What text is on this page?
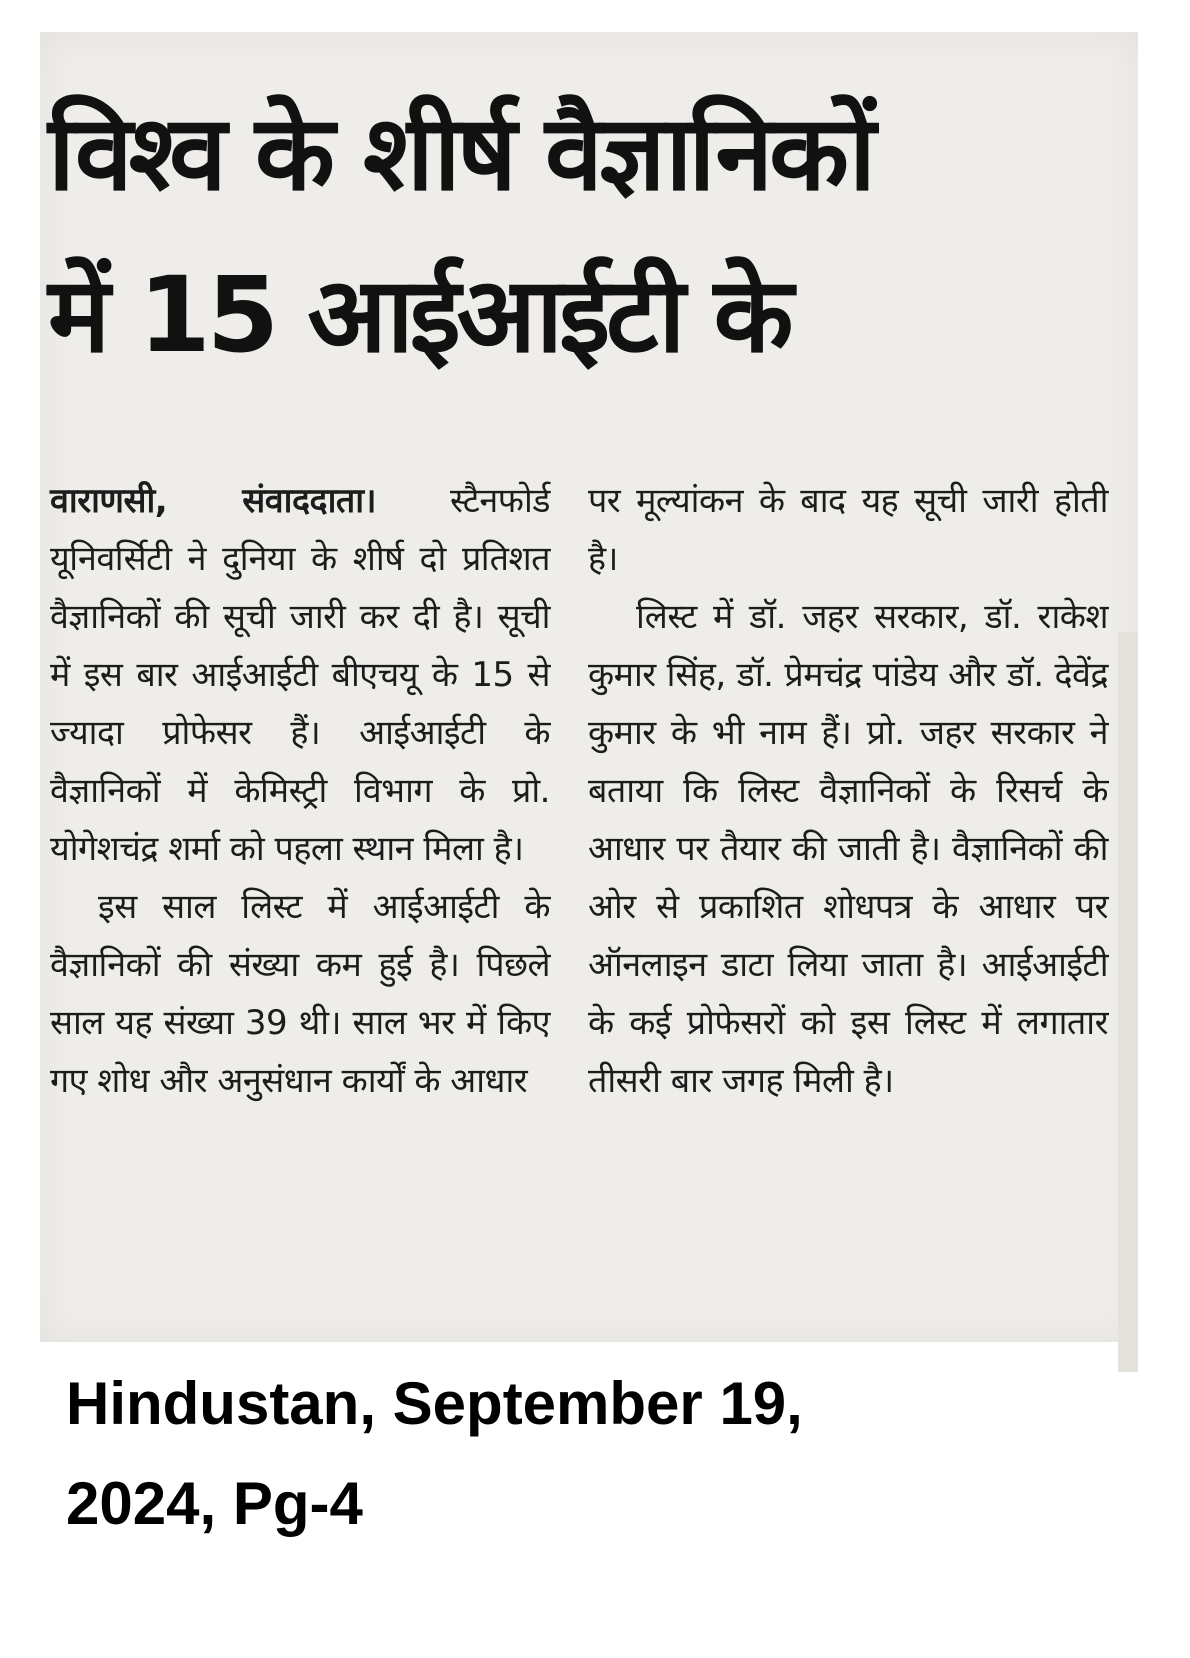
विश्व के शीर्ष वैज्ञानिकों
में 15 आईआईटी के

वाराणसी, संवाददाता। स्टैनफोर्ड यूनिवर्सिटी ने दुनिया के शीर्ष दो प्रतिशत वैज्ञानिकों की सूची जारी कर दी है। सूची में इस बार आईआईटी बीएचयू के 15 से ज्यादा प्रोफेसर हैं। आईआईटी के वैज्ञानिकों में केमिस्ट्री विभाग के प्रो. योगेशचंद्र शर्मा को पहला स्थान मिला है।

इस साल लिस्ट में आईआईटी के वैज्ञानिकों की संख्या कम हुई है। पिछले साल यह संख्या 39 थी। साल भर में किए गए शोध और अनुसंधान कार्यों के आधार

पर मूल्यांकन के बाद यह सूची जारी होती है।

लिस्ट में डॉ. जहर सरकार, डॉ. राकेश कुमार सिंह, डॉ. प्रेमचंद्र पांडेय और डॉ. देवेंद्र कुमार के भी नाम हैं। प्रो. जहर सरकार ने बताया कि लिस्ट वैज्ञानिकों के रिसर्च के आधार पर तैयार की जाती है। वैज्ञानिकों की ओर से प्रकाशित शोधपत्र के आधार पर ऑनलाइन डाटा लिया जाता है। आईआईटी के कई प्रोफेसरों को इस लिस्ट में लगातार तीसरी बार जगह मिली है।

Hindustan, September 19,
2024, Pg-4
